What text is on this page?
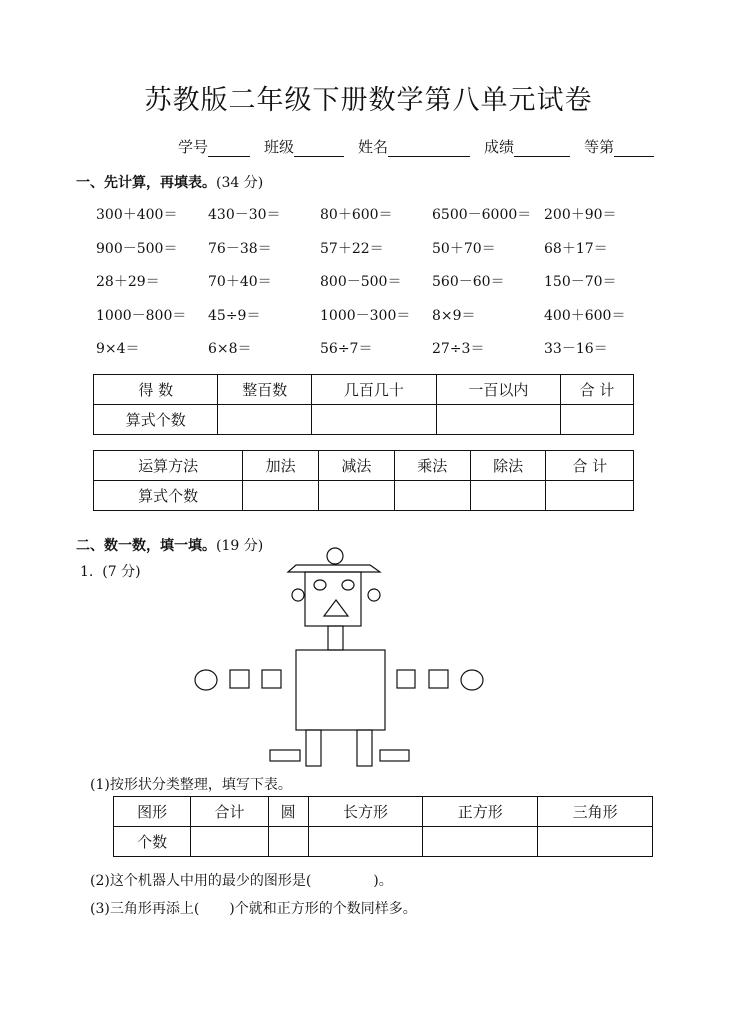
苏教版二年级下册数学第八单元试卷
学号	班级	姓名	成绩	等第
一、先计算，再填表。(34 分)
300＋400＝	430－30＝	80＋600＝	6500－6000＝ 200＋90＝
900－500＝	76－38＝	57＋22＝	50＋70＝	68＋17＝
28＋29＝	70＋40＝	800－500＝	560－60＝	150－70＝
1000－800＝	45÷9＝	1000－300＝	8×9＝	400＋600＝
9×4＝	6×8＝	56÷7＝	27÷3＝	33－16＝
得 数	整百数	几百几十	一百以内	合 计
算式个数				
运算方法	加法	减法	乘法	除法	合 计
算式个数					
二、数一数，填一填。(19 分)
1. (7 分)
(1)按形状分类整理，填写下表。
图形	合计	圆	长方形	正方形	三角形
个数					
(2)这个机器人中用的最少的图形是(	)。
(3)三角形再添上( )个就和正方形的个数同样多。
